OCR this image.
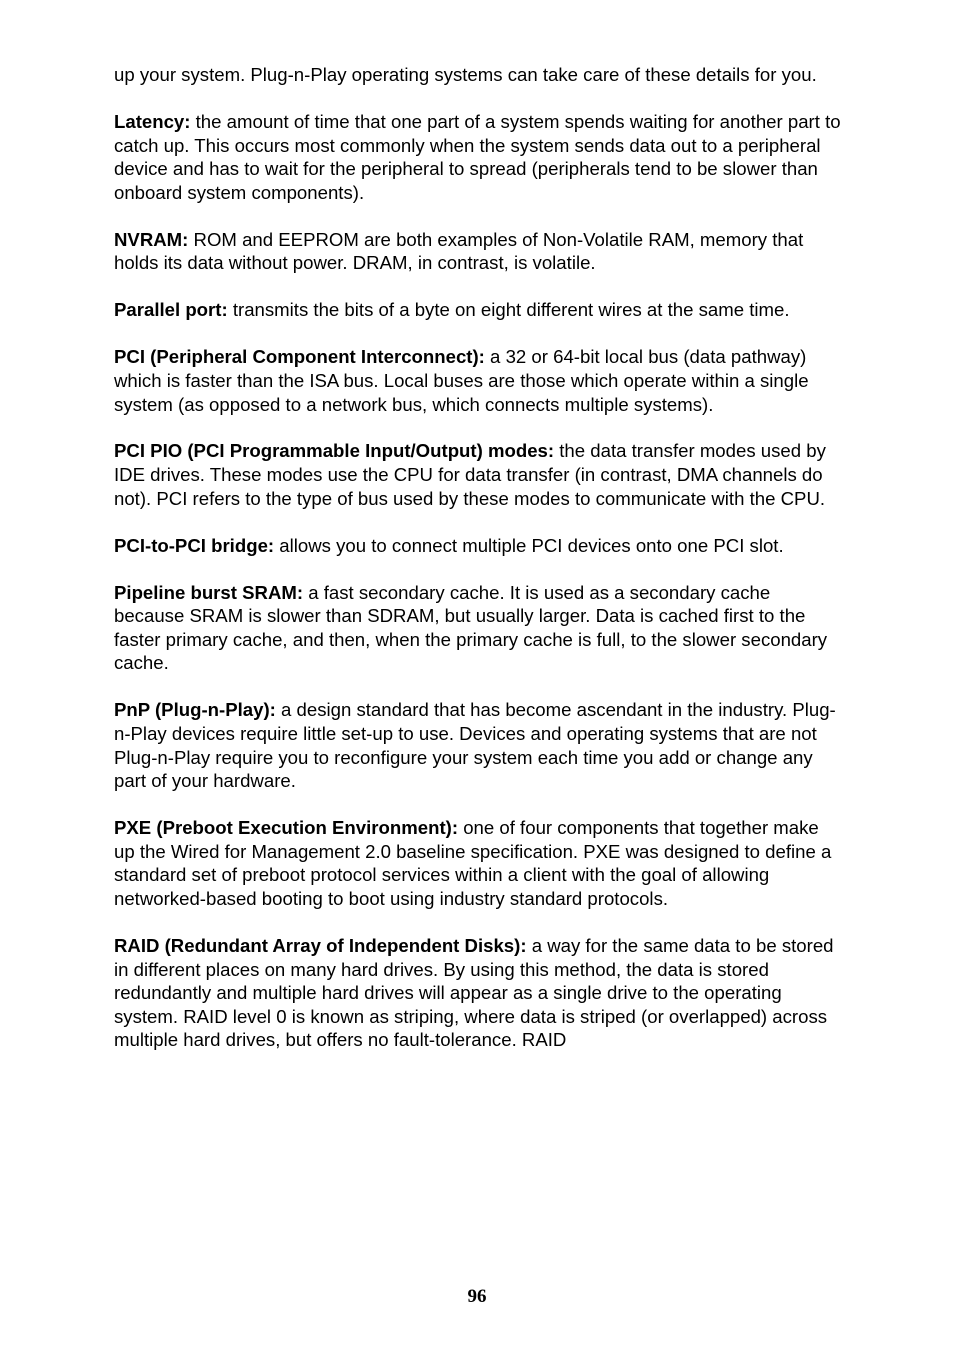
up your system. Plug-n-Play operating systems can take care of these details for you.

Latency: the amount of time that one part of a system spends waiting for another part to catch up. This occurs most commonly when the system sends data out to a peripheral device and has to wait for the peripheral to spread (peripherals tend to be slower than onboard system components).

NVRAM: ROM and EEPROM are both examples of Non-Volatile RAM, memory that holds its data without power. DRAM, in contrast, is volatile.

Parallel port: transmits the bits of a byte on eight different wires at the same time.

PCI (Peripheral Component Interconnect): a 32 or 64-bit local bus (data pathway) which is faster than the ISA bus. Local buses are those which operate within a single system (as opposed to a network bus, which connects multiple systems).

PCI PIO (PCI Programmable Input/Output) modes: the data transfer modes used by IDE drives. These modes use the CPU for data transfer (in contrast, DMA channels do not). PCI refers to the type of bus used by these modes to communicate with the CPU.

PCI-to-PCI bridge: allows you to connect multiple PCI devices onto one PCI slot.

Pipeline burst SRAM: a fast secondary cache. It is used as a secondary cache because SRAM is slower than SDRAM, but usually larger. Data is cached first to the faster primary cache, and then, when the primary cache is full, to the slower secondary cache.

PnP (Plug-n-Play): a design standard that has become ascendant in the industry. Plug-n-Play devices require little set-up to use. Devices and operating systems that are not Plug-n-Play require you to reconfigure your system each time you add or change any part of your hardware.

PXE (Preboot Execution Environment): one of four components that together make up the Wired for Management 2.0 baseline specification. PXE was designed to define a standard set of preboot protocol services within a client with the goal of allowing networked-based booting to boot using industry standard protocols.

RAID (Redundant Array of Independent Disks): a way for the same data to be stored in different places on many hard drives. By using this method, the data is stored redundantly and multiple hard drives will appear as a single drive to the operating system. RAID level 0 is known as striping, where data is striped (or overlapped) across multiple hard drives, but offers no fault-tolerance. RAID

96
